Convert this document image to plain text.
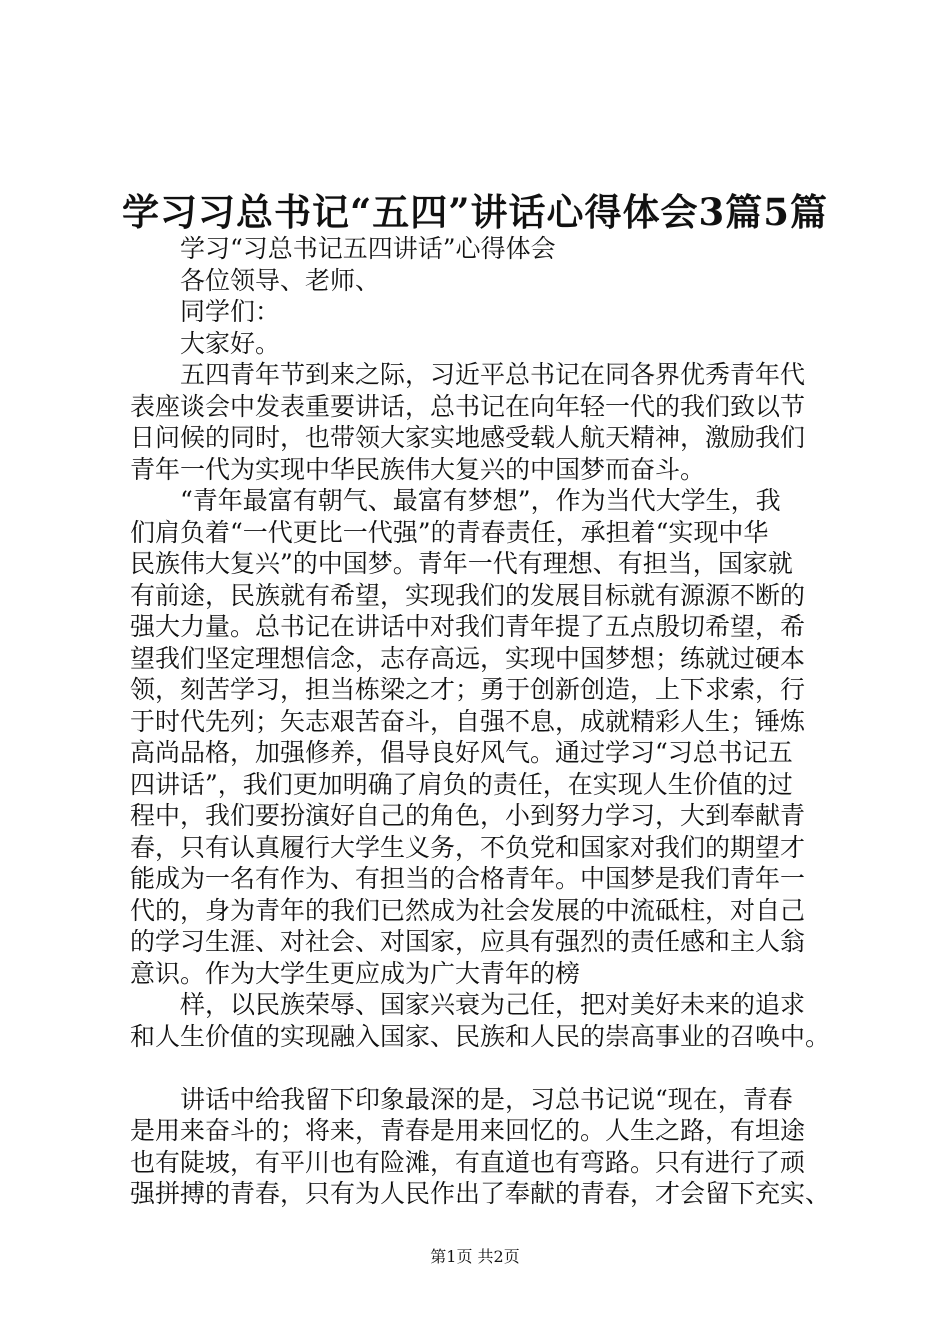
学习习总书记“五四”讲话心得体会3篇5篇
学习“习总书记五四讲话”心得体会
各位领导、老师、
同学们：
大家好。
五四青年节到来之际，习近平总书记在同各界优秀青年代
表座谈会中发表重要讲话，总书记在向年轻一代的我们致以节
日问候的同时，也带领大家实地感受载人航天精神，激励我们
青年一代为实现中华民族伟大复兴的中国梦而奋斗。
“青年最富有朝气、最富有梦想”，作为当代大学生，我
们肩负着“一代更比一代强”的青春责任，承担着“实现中华
民族伟大复兴”的中国梦。青年一代有理想、有担当，国家就
有前途，民族就有希望，实现我们的发展目标就有源源不断的
强大力量。总书记在讲话中对我们青年提了五点殷切希望，希
望我们坚定理想信念，志存高远，实现中国梦想；练就过硬本
领，刻苦学习，担当栋梁之才；勇于创新创造，上下求索，行
于时代先列；矢志艰苦奋斗，自强不息，成就精彩人生；锤炼
高尚品格，加强修养，倡导良好风气。通过学习“习总书记五
四讲话”，我们更加明确了肩负的责任，在实现人生价值的过
程中，我们要扮演好自己的角色，小到努力学习，大到奉献青
春，只有认真履行大学生义务，不负党和国家对我们的期望才
能成为一名有作为、有担当的合格青年。中国梦是我们青年一
代的，身为青年的我们已然成为社会发展的中流砥柱，对自己
的学习生涯、对社会、对国家，应具有强烈的责任感和主人翁
意识。作为大学生更应成为广大青年的榜
样，以民族荣辱、国家兴衰为己任，把对美好未来的追求
和人生价值的实现融入国家、民族和人民的崇高事业的召唤中。
讲话中给我留下印象最深的是，习总书记说“现在，青春
是用来奋斗的；将来，青春是用来回忆的。人生之路，有坦途
也有陡坡，有平川也有险滩，有直道也有弯路。只有进行了顽
强拼搏的青春，只有为人民作出了奉献的青春，才会留下充实、
第1页 共2页
